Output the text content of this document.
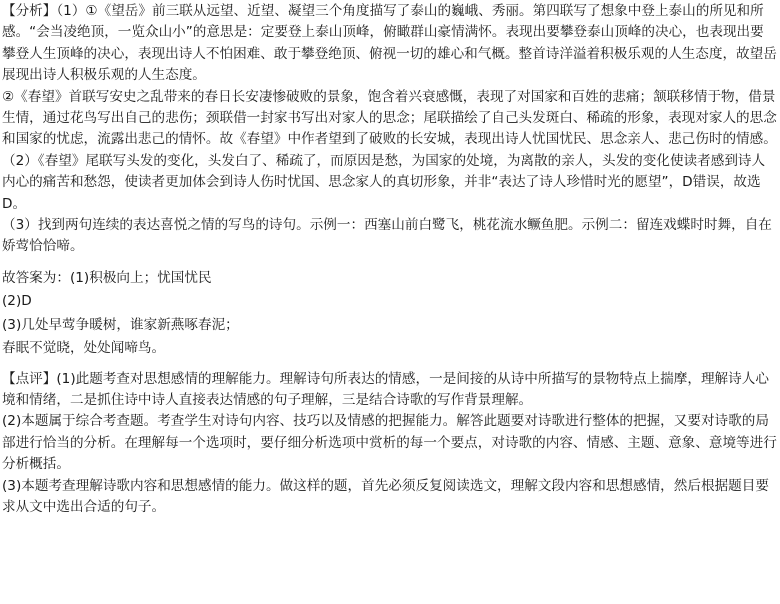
【分析】（1）①《望岳》前三联从远望、近望、凝望三个角度描写了泰山的巍峨、秀丽。第四联写了想象中登上泰山的所见和所感。“会当凌绝顶，一览众山小”的意思是：定要登上泰山顶峰，俯瞰群山豪情满怀。表现出要攀登泰山顶峰的决心，也表现出要攀登人生顶峰的决心，表现出诗人不怕困难、敢于攀登绝顶、俯视一切的雄心和气概。整首诗洋溢着积极乐观的人生态度，故望岳展现出诗人积极乐观的人生态度。

②《春望》首联写安史之乱带来的春日长安凄惨破败的景象，饱含着兴衰感慨，表现了对国家和百姓的悲痛；颔联移情于物，借景生情，通过花鸟写出自己的悲伤；颈联借一封家书写出对家人的思念；尾联描绘了自己头发斑白、稀疏的形象，表现对家人的思念和国家的忧虑，流露出悲己的情怀。故《春望》中作者望到了破败的长安城，表现出诗人忧国忧民、思念亲人、悲己伤时的情感。

（2）《春望》尾联写头发的变化，头发白了、稀疏了，而原因是愁，为国家的处境，为离散的亲人，头发的变化使读者感到诗人内心的痛苦和愁怨，使读者更加体会到诗人伤时忧国、思念家人的真切形象，并非“表达了诗人珍惜时光的愿望”，D错误，故选D。

（3）找到两句连续的表达喜悦之情的写鸟的诗句。示例一：西塞山前白鹭飞，桃花流水鳜鱼肥。示例二：留连戏蝶时时舞，自在娇莺恰恰啼。

故答案为：(1)积极向上；忧国忧民

(2)D

(3)几处早莺争暖树，谁家新燕啄春泥；

春眠不觉晓，处处闻啼鸟。

【点评】(1)此题考查对思想感情的理解能力。理解诗句所表达的情感，一是间接的从诗中所描写的景物特点上揣摩，理解诗人心境和情绪，二是抓住诗中诗人直接表达情感的句子理解，三是结合诗歌的写作背景理解。

(2)本题属于综合考查题。考查学生对诗句内容、技巧以及情感的把握能力。解答此题要对诗歌进行整体的把握，又要对诗歌的局部进行恰当的分析。在理解每一个选项时，要仔细分析选项中赏析的每一个要点，对诗歌的内容、情感、主题、意象、意境等进行分析概括。

(3)本题考查理解诗歌内容和思想感情的能力。做这样的题，首先必须反复阅读选文，理解文段内容和思想感情，然后根据题目要求从文中选出合适的句子。
